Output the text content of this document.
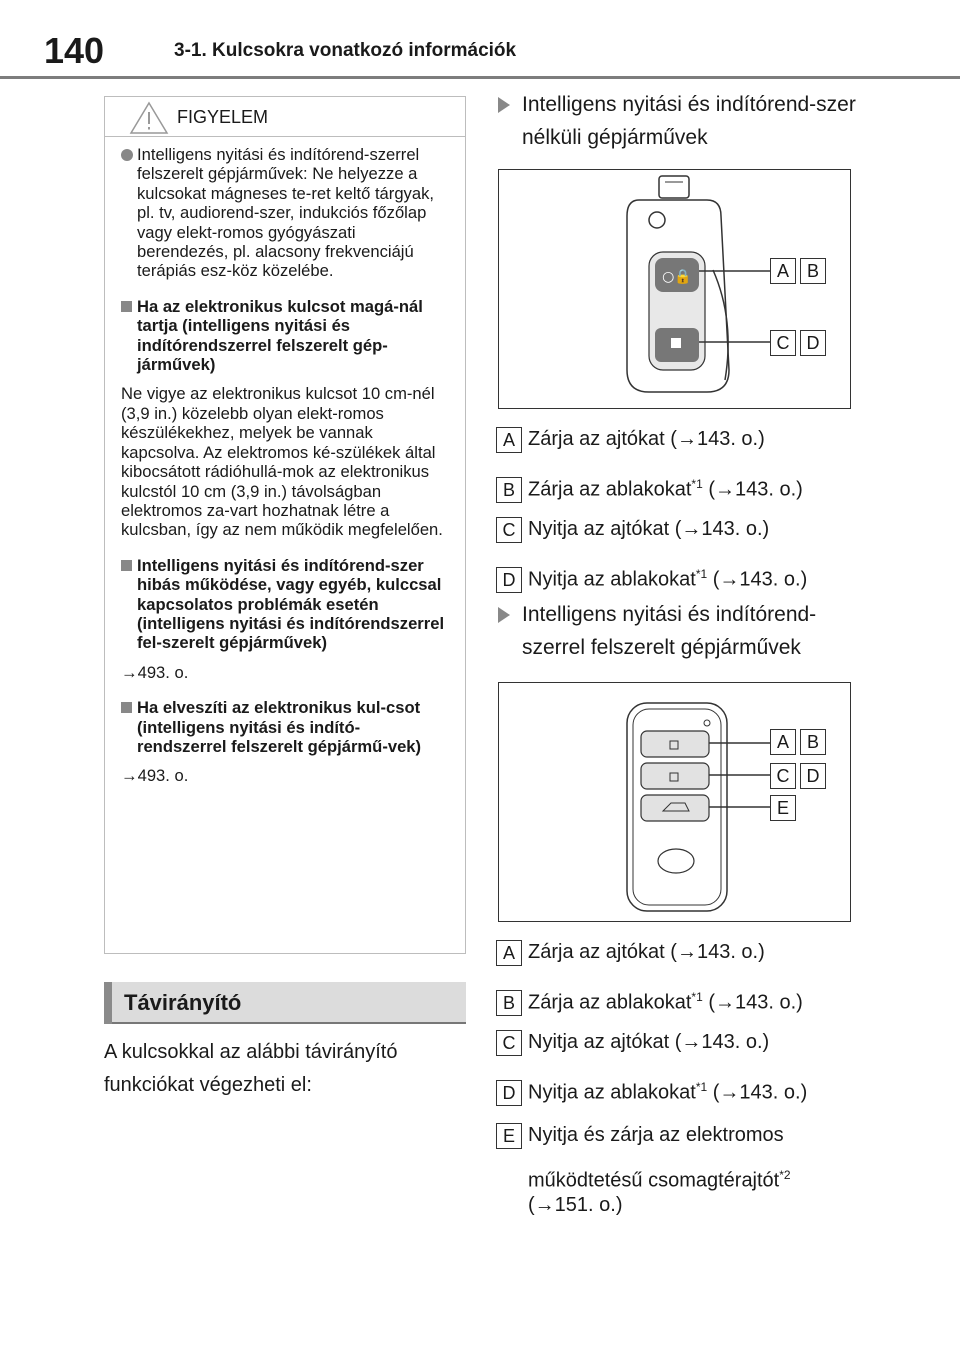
140	3-1. Kulcsokra vonatkozó információk
FIGYELEM
Intelligens nyitási és indítórend-szerrel felszerelt gépjárművek: Ne helyezze a kulcsokat mágneses te-ret keltő tárgyak, pl. tv, audiorend-szer, indukciós főzőlap vagy elekt-romos gyógyászati berendezés, pl. alacsony frekvenciájú terápiás esz-köz közelébe.
Ha az elektronikus kulcsot magá-nál tartja (intelligens nyitási és indítórendszerrel felszerelt gép-járművek)
Ne vigye az elektronikus kulcsot 10 cm-nél (3,9 in.) közelebb olyan elekt-romos készülékekhez, melyek be vannak kapcsolva. Az elektromos ké-szülékek által kibocsátott rádióhullá-mok az elektronikus kulcstól 10 cm (3,9 in.) távolságban elektromos za-vart hozhatnak létre a kulcsban, így az nem működik megfelelően.
Intelligens nyitási és indítórend-szer hibás működése, vagy egyéb, kulccsal kapcsolatos problémák esetén (intelligens nyitási és indítórendszerrel fel-szerelt gépjárművek)
→493. o.
Ha elveszíti az elektronikus kul-csot (intelligens nyitási és indító-rendszerrel felszerelt gépjármű-vek)
→493. o.
Távirányító
A kulcsokkal az alábbi távirányító funkciókat végezheti el:
Intelligens nyitási és indítórend-szer nélküli gépjárművek
○🔒	A B
C D
A Zárja az ajtókat (→143. o.)
B Zárja az ablakokat$^{*1}$ (→143. o.)
C Nyitja az ajtókat (→143. o.)
D Nyitja az ablakokat$^{*1}$ (→143. o.)
Intelligens nyitási és indítórend-szerrel felszerelt gépjárművek
A B
C D
E
A Zárja az ajtókat (→143. o.)
B Zárja az ablakokat$^{*1}$ (→143. o.)
C Nyitja az ajtókat (→143. o.)
D Nyitja az ablakokat$^{*1}$ (→143. o.)
E Nyitja és zárja az elektromos
működtetésű csomagtérajtót$^{*2}$
(→151. o.)
